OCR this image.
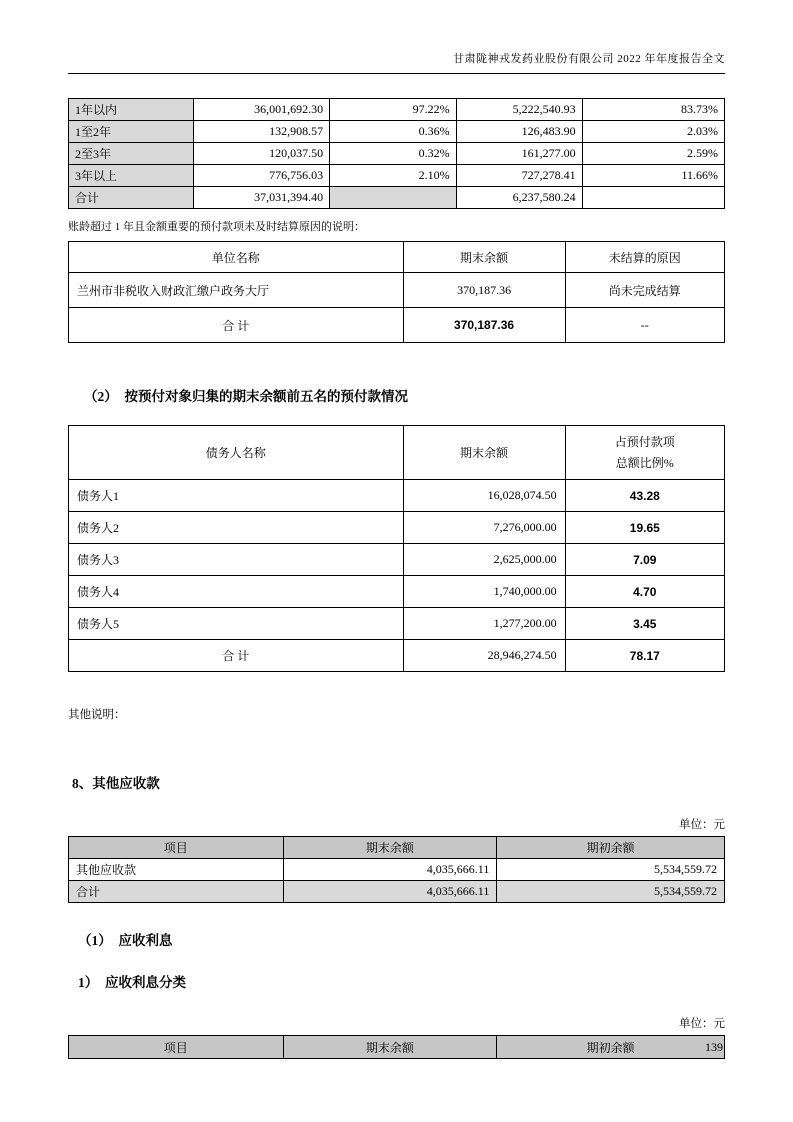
甘肃陇神戎发药业股份有限公司 2022 年年度报告全文
1年以内	36,001,692.30	97.22%	5,222,540.93	83.73%
1至2年	132,908.57	0.36%	126,483.90	2.03%
2至3年	120,037.50	0.32%	161,277.00	2.59%
3年以上	776,756.03	2.10%	727,278.41	11.66%
合计	37,031,394.40		6,237,580.24	
账龄超过 1 年且金额重要的预付款项未及时结算原因的说明：
单位名称	期末余额	未结算的原因
兰州市非税收入财政汇缴户政务大厅	370,187.36	尚未完成结算
合 计	370,187.36	--
（2）　按预付对象归集的期末余额前五名的预付款情况
债务人名称	期末余额	占预付款项
总额比例%

债务人1	16,028,074.50	43.28
债务人2	7,276,000.00	19.65
债务人3	2,625,000.00	7.09
债务人4	1,740,000.00	4.70
债务人5	1,277,200.00	3.45
合 计	28,946,274.50	78.17
其他说明：
8、其他应收款
单位：元
项目	期末余额	期初余额
其他应收款	4,035,666.11	5,534,559.72
合计	4,035,666.11	5,534,559.72
（1）　应收利息
1）　应收利息分类
单位：元
项目	期末余额	期初余额	139
